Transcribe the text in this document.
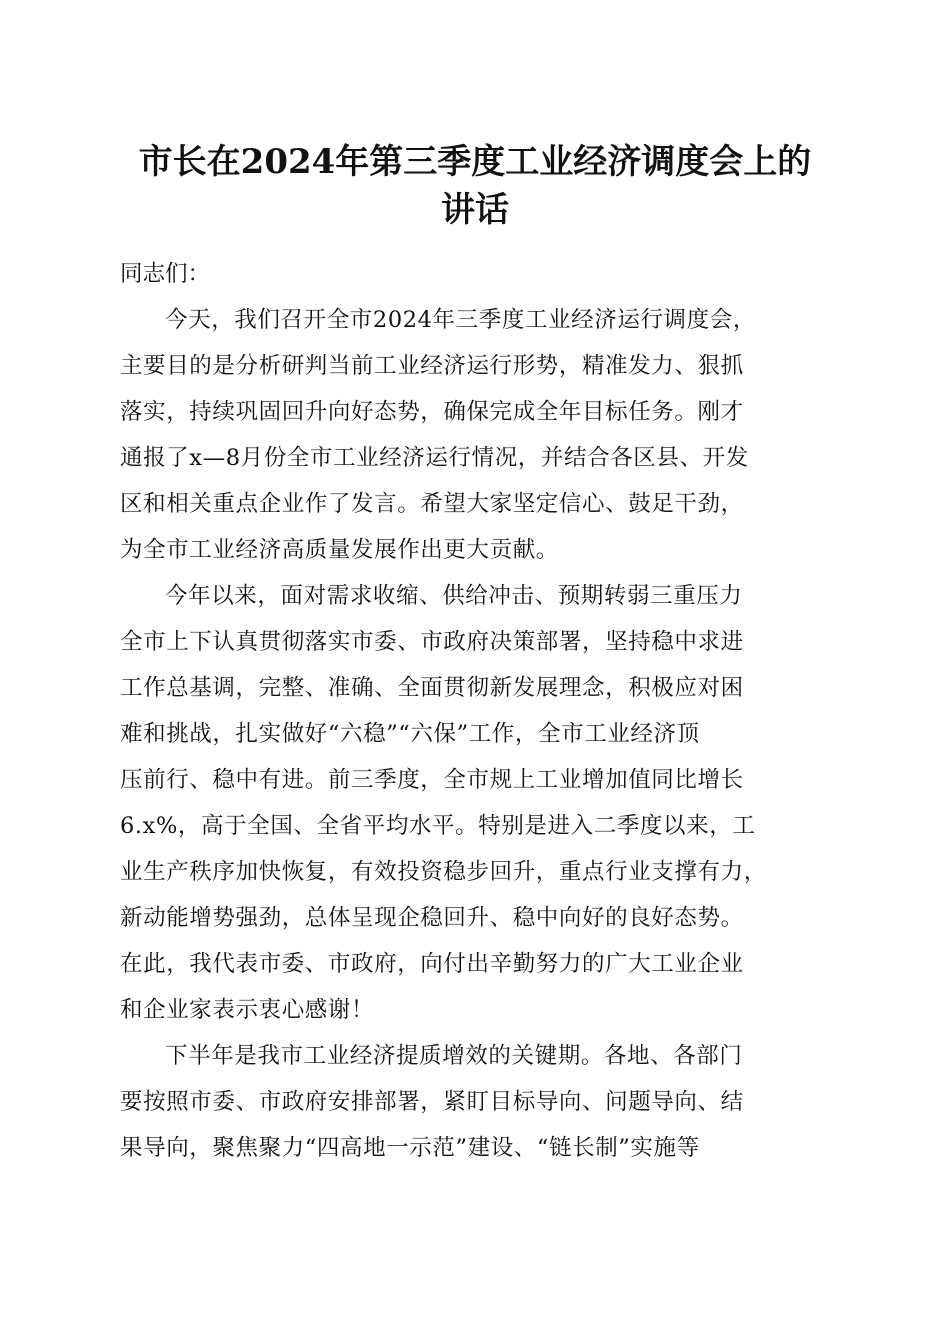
市长在2024年第三季度工业经济调度会上的
讲话

同志们：

今天，我们召开全市2024年三季度工业经济运行调度会，
主要目的是分析研判当前工业经济运行形势，精准发力、狠抓
落实，持续巩固回升向好态势，确保完成全年目标任务。刚才
通报了x—8月份全市工业经济运行情况，并结合各区县、开发
区和相关重点企业作了发言。希望大家坚定信心、鼓足干劲，
为全市工业经济高质量发展作出更大贡献。

今年以来，面对需求收缩、供给冲击、预期转弱三重压力
全市上下认真贯彻落实市委、市政府决策部署，坚持稳中求进
工作总基调，完整、准确、全面贯彻新发展理念，积极应对困
难和挑战，扎实做好“六稳”“六保”工作，全市工业经济顶
压前行、稳中有进。前三季度，全市规上工业增加值同比增长
6.x%，高于全国、全省平均水平。特别是进入二季度以来，工
业生产秩序加快恢复，有效投资稳步回升，重点行业支撑有力，
新动能增势强劲，总体呈现企稳回升、稳中向好的良好态势。
在此，我代表市委、市政府，向付出辛勤努力的广大工业企业
和企业家表示衷心感谢！

下半年是我市工业经济提质增效的关键期。各地、各部门
要按照市委、市政府安排部署，紧盯目标导向、问题导向、结
果导向，聚焦聚力“四高地一示范”建设、“链长制”实施等
